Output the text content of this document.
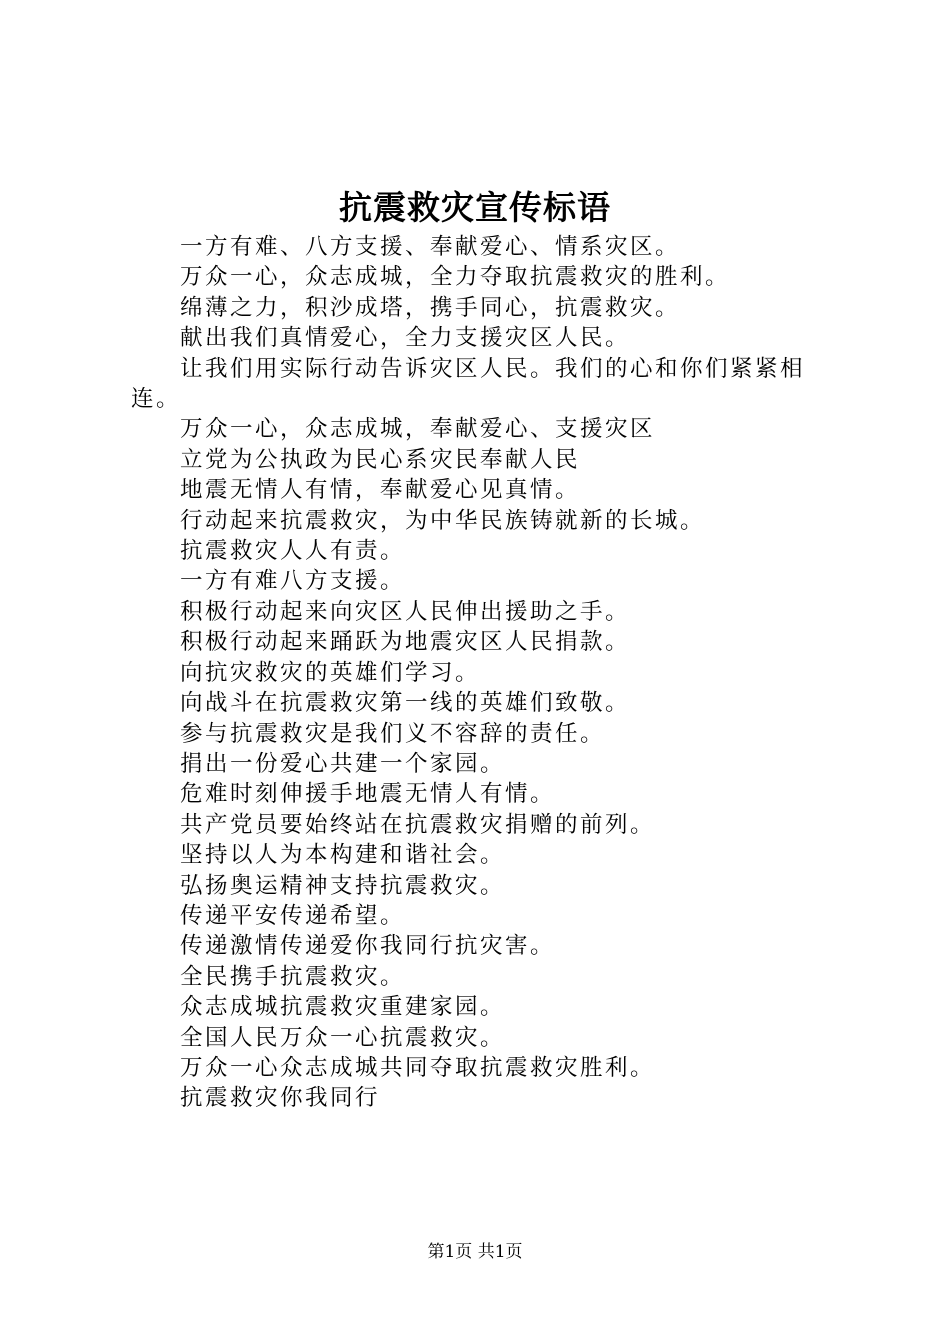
抗震救灾宣传标语

一方有难、八方支援、奉献爱心、情系灾区。

万众一心，众志成城，全力夺取抗震救灾的胜利。

绵薄之力，积沙成塔，携手同心，抗震救灾。

献出我们真情爱心，全力支援灾区人民。

让我们用实际行动告诉灾区人民。我们的心和你们紧紧相

连。

万众一心，众志成城，奉献爱心、支援灾区

立党为公执政为民心系灾民奉献人民

地震无情人有情，奉献爱心见真情。

行动起来抗震救灾，为中华民族铸就新的长城。

抗震救灾人人有责。

一方有难八方支援。

积极行动起来向灾区人民伸出援助之手。

积极行动起来踊跃为地震灾区人民捐款。

向抗灾救灾的英雄们学习。

向战斗在抗震救灾第一线的英雄们致敬。

参与抗震救灾是我们义不容辞的责任。

捐出一份爱心共建一个家园。

危难时刻伸援手地震无情人有情。

共产党员要始终站在抗震救灾捐赠的前列。

坚持以人为本构建和谐社会。

弘扬奥运精神支持抗震救灾。

传递平安传递希望。

传递激情传递爱你我同行抗灾害。

全民携手抗震救灾。

众志成城抗震救灾重建家园。

全国人民万众一心抗震救灾。

万众一心众志成城共同夺取抗震救灾胜利。

抗震救灾你我同行

第1页 共1页
